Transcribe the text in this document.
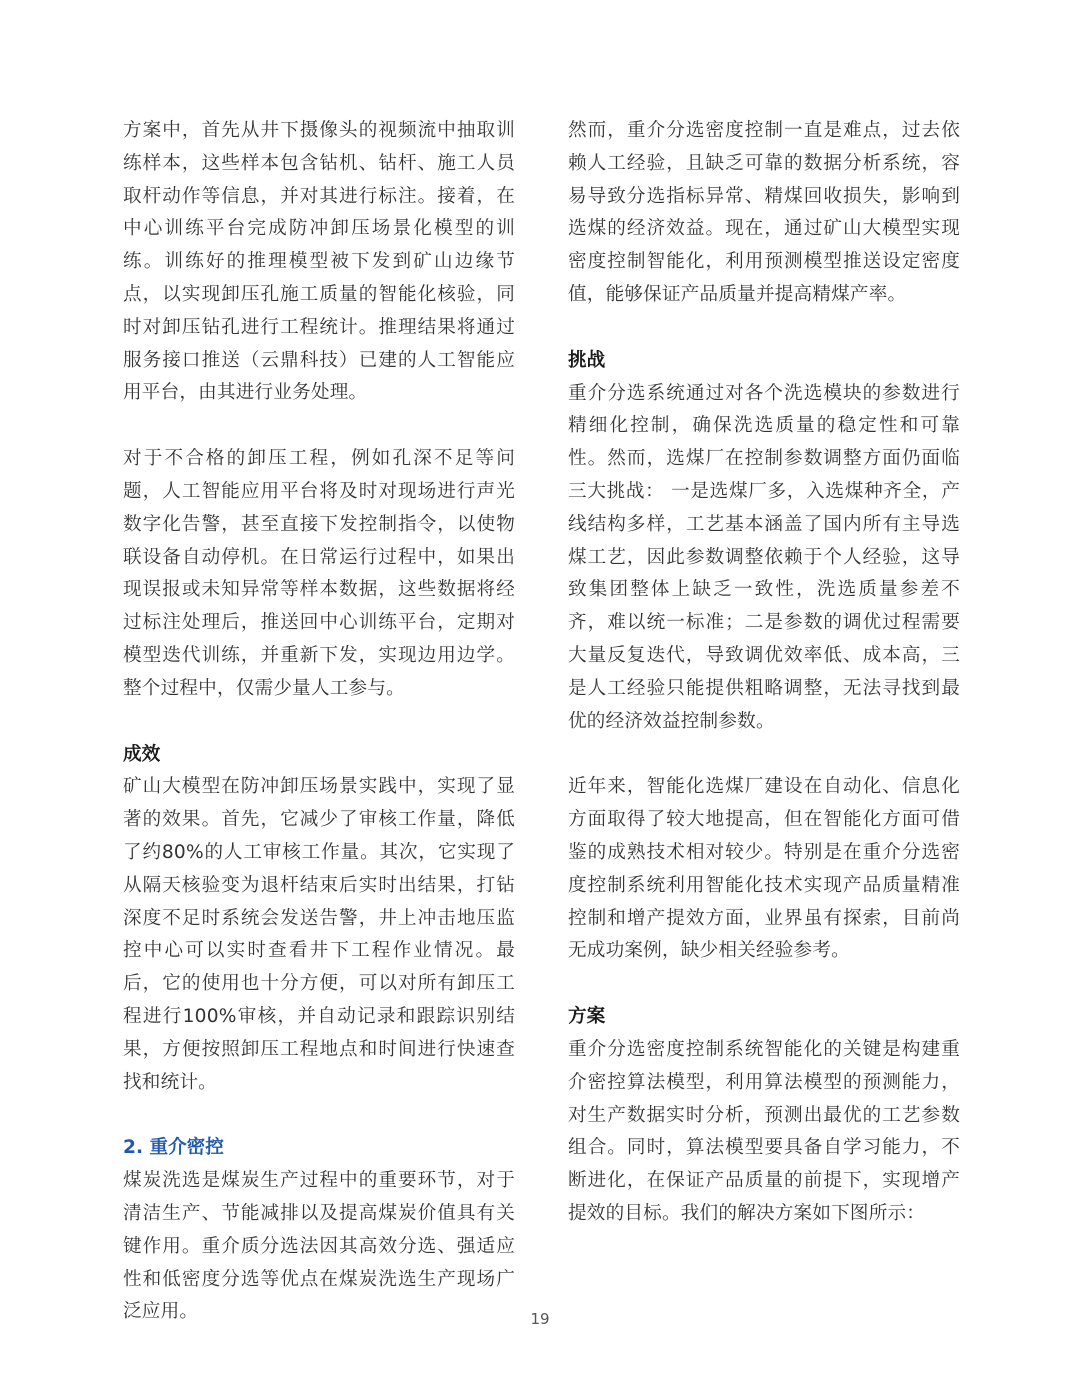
方案中，首先从井下摄像头的视频流中抽取训练样本，这些样本包含钻机、钻杆、施工人员取杆动作等信息，并对其进行标注。接着，在中心训练平台完成防冲卸压场景化模型的训练。训练好的推理模型被下发到矿山边缘节点，以实现卸压孔施工质量的智能化核验，同时对卸压钻孔进行工程统计。推理结果将通过服务接口推送（云鼎科技）已建的人工智能应用平台，由其进行业务处理。

对于不合格的卸压工程，例如孔深不足等问题，人工智能应用平台将及时对现场进行声光数字化告警，甚至直接下发控制指令，以使物联设备自动停机。在日常运行过程中，如果出现误报或未知异常等样本数据，这些数据将经过标注处理后，推送回中心训练平台，定期对模型迭代训练，并重新下发，实现边用边学。整个过程中，仅需少量人工参与。

成效

矿山大模型在防冲卸压场景实践中，实现了显著的效果。首先，它减少了审核工作量，降低了约80%的人工审核工作量。其次，它实现了从隔天核验变为退杆结束后实时出结果，打钻深度不足时系统会发送告警，井上冲击地压监控中心可以实时查看井下工程作业情况。最后，它的使用也十分方便，可以对所有卸压工程进行100%审核，并自动记录和跟踪识别结果，方便按照卸压工程地点和时间进行快速查找和统计。

2. 重介密控

煤炭洗选是煤炭生产过程中的重要环节，对于清洁生产、节能减排以及提高煤炭价值具有关键作用。重介质分选法因其高效分选、强适应性和低密度分选等优点在煤炭洗选生产现场广泛应用。

然而，重介分选密度控制一直是难点，过去依赖人工经验，且缺乏可靠的数据分析系统，容易导致分选指标异常、精煤回收损失，影响到选煤的经济效益。现在，通过矿山大模型实现密度控制智能化，利用预测模型推送设定密度值，能够保证产品质量并提高精煤产率。

挑战

重介分选系统通过对各个洗选模块的参数进行精细化控制，确保洗选质量的稳定性和可靠性。然而，选煤厂在控制参数调整方面仍面临三大挑战： 一是选煤厂多，入选煤种齐全，产线结构多样，工艺基本涵盖了国内所有主导选煤工艺，因此参数调整依赖于个人经验，这导致集团整体上缺乏一致性，洗选质量参差不齐，难以统一标准；二是参数的调优过程需要大量反复迭代，导致调优效率低、成本高，三是人工经验只能提供粗略调整，无法寻找到最优的经济效益控制参数。

近年来，智能化选煤厂建设在自动化、信息化方面取得了较大地提高，但在智能化方面可借鉴的成熟技术相对较少。特别是在重介分选密度控制系统利用智能化技术实现产品质量精准控制和增产提效方面，业界虽有探索，目前尚无成功案例，缺少相关经验参考。

方案

重介分选密度控制系统智能化的关键是构建重介密控算法模型，利用算法模型的预测能力，对生产数据实时分析，预测出最优的工艺参数组合。同时，算法模型要具备自学习能力，不断进化，在保证产品质量的前提下，实现增产提效的目标。我们的解决方案如下图所示：

19
